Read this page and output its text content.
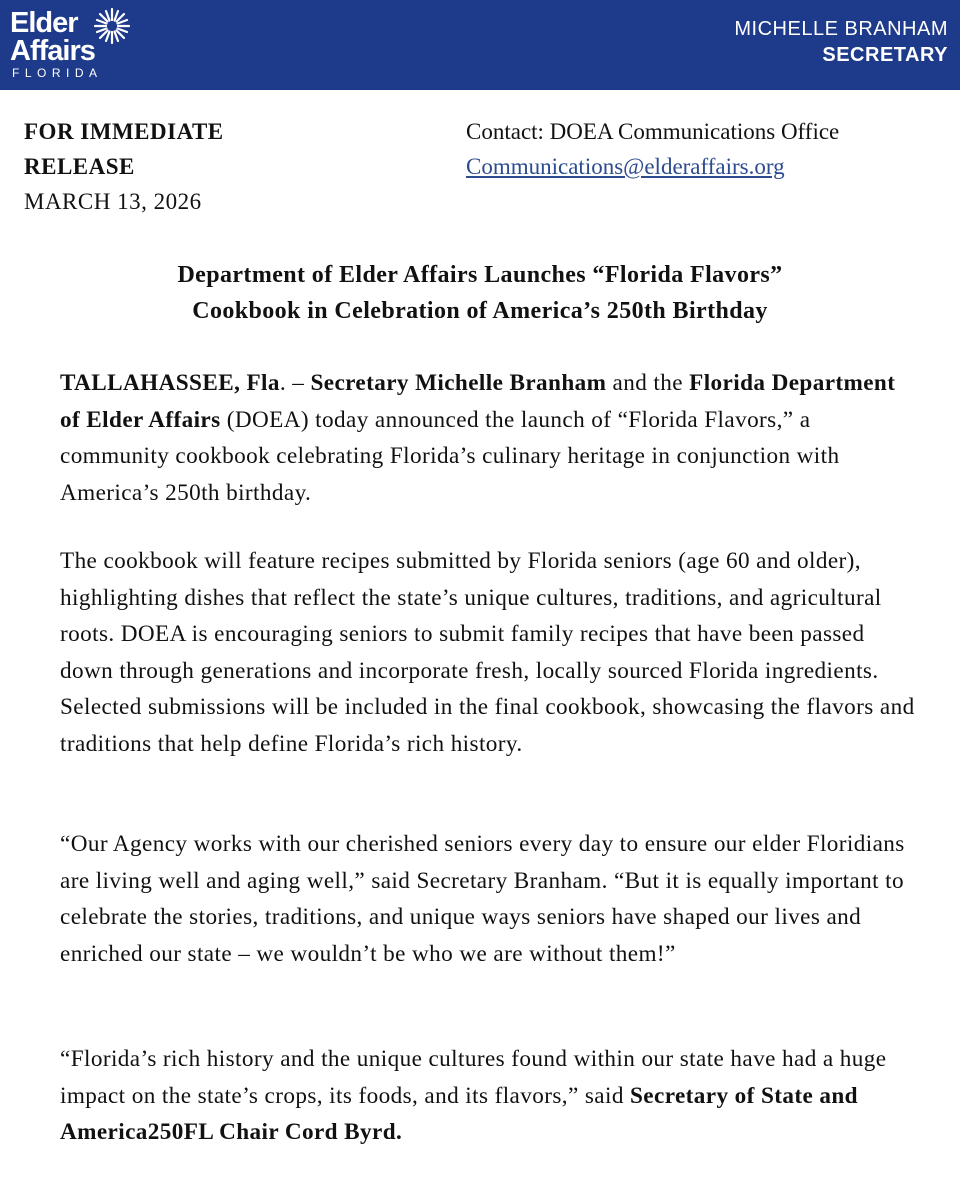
Elder
Affairs
FLORIDA
MICHELLE BRANHAM
SECRETARY
FOR IMMEDIATE
RELEASE
MARCH 13, 2026
Contact: DOEA Communications Office
Communications@elderaffairs.org
Department of Elder Affairs Launches “Florida Flavors”
Cookbook in Celebration of America’s 250th Birthday

TALLAHASSEE, Fla. – Secretary Michelle Branham and the Florida Department of Elder Affairs (DOEA) today announced the launch of “Florida Flavors,” a community cookbook celebrating Florida’s culinary heritage in conjunction with America’s 250th birthday.

The cookbook will feature recipes submitted by Florida seniors (age 60 and older), highlighting dishes that reflect the state’s unique cultures, traditions, and agricultural roots. DOEA is encouraging seniors to submit family recipes that have been passed down through generations and incorporate fresh, locally sourced Florida ingredients. Selected submissions will be included in the final cookbook, showcasing the flavors and traditions that help define Florida’s rich history.

“Our Agency works with our cherished seniors every day to ensure our elder Floridians are living well and aging well,” said Secretary Branham. “But it is equally important to celebrate the stories, traditions, and unique ways seniors have shaped our lives and enriched our state – we wouldn’t be who we are without them!”

“Florida’s rich history and the unique cultures found within our state have had a huge impact on the state’s crops, its foods, and its flavors,” said Secretary of State and America250FL Chair Cord Byrd.
